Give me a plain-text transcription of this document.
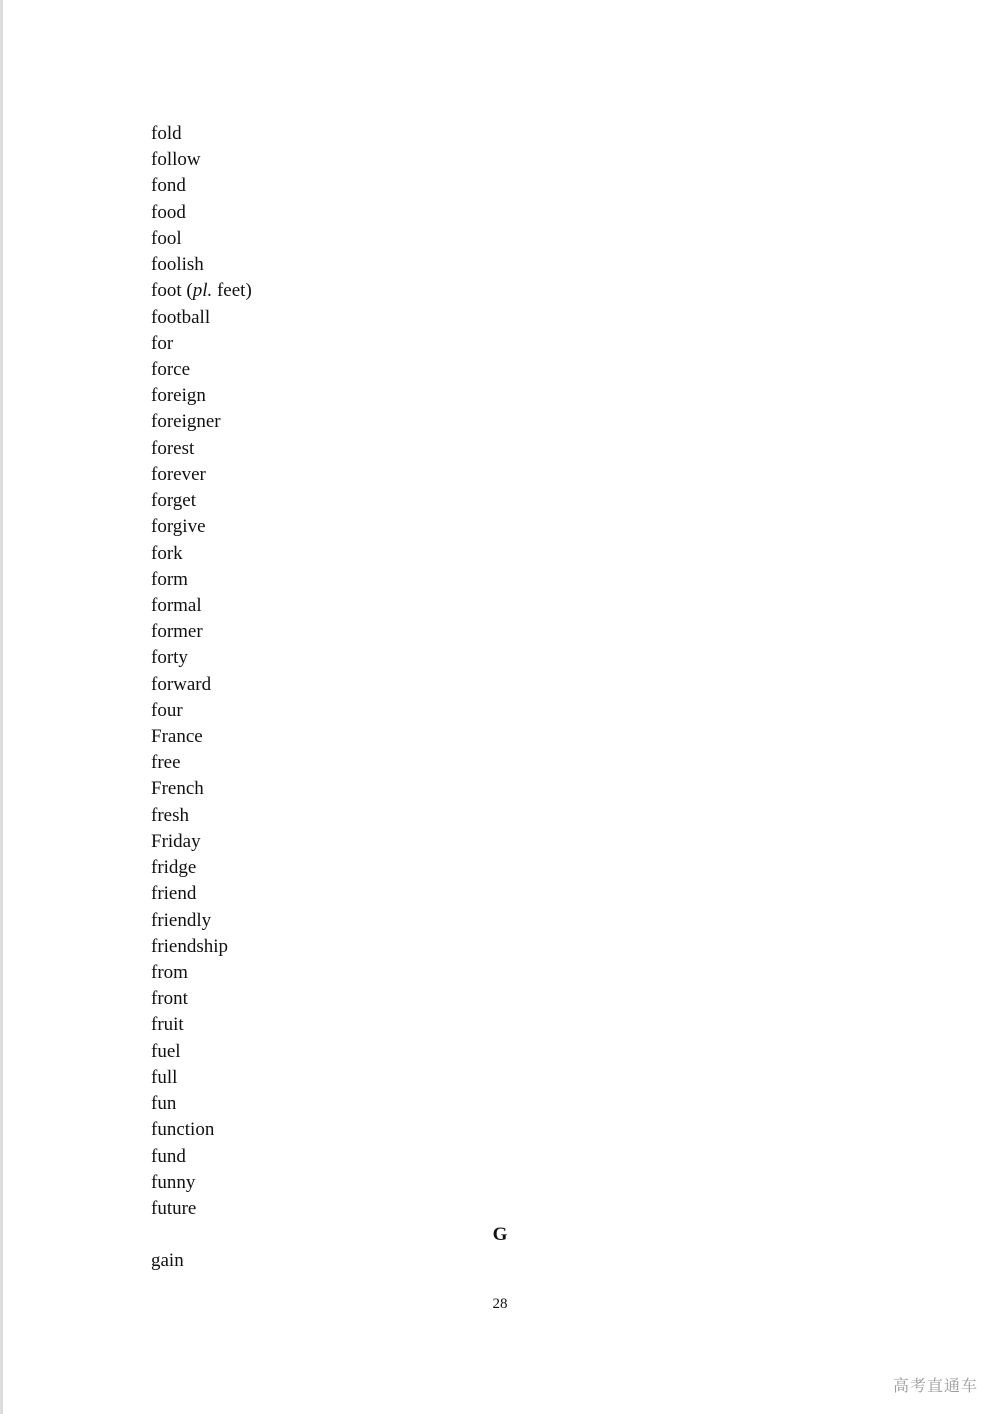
fold
follow
fond
food
fool
foolish
foot (pl. feet)
football
for
force
foreign
foreigner
forest
forever
forget
forgive
fork
form
formal
former
forty
forward
four
France
free
French
fresh
Friday
fridge
friend
friendly
friendship
from
front
fruit
fuel
full
fun
function
fund
funny
future
G
gain
28
高考直通车
